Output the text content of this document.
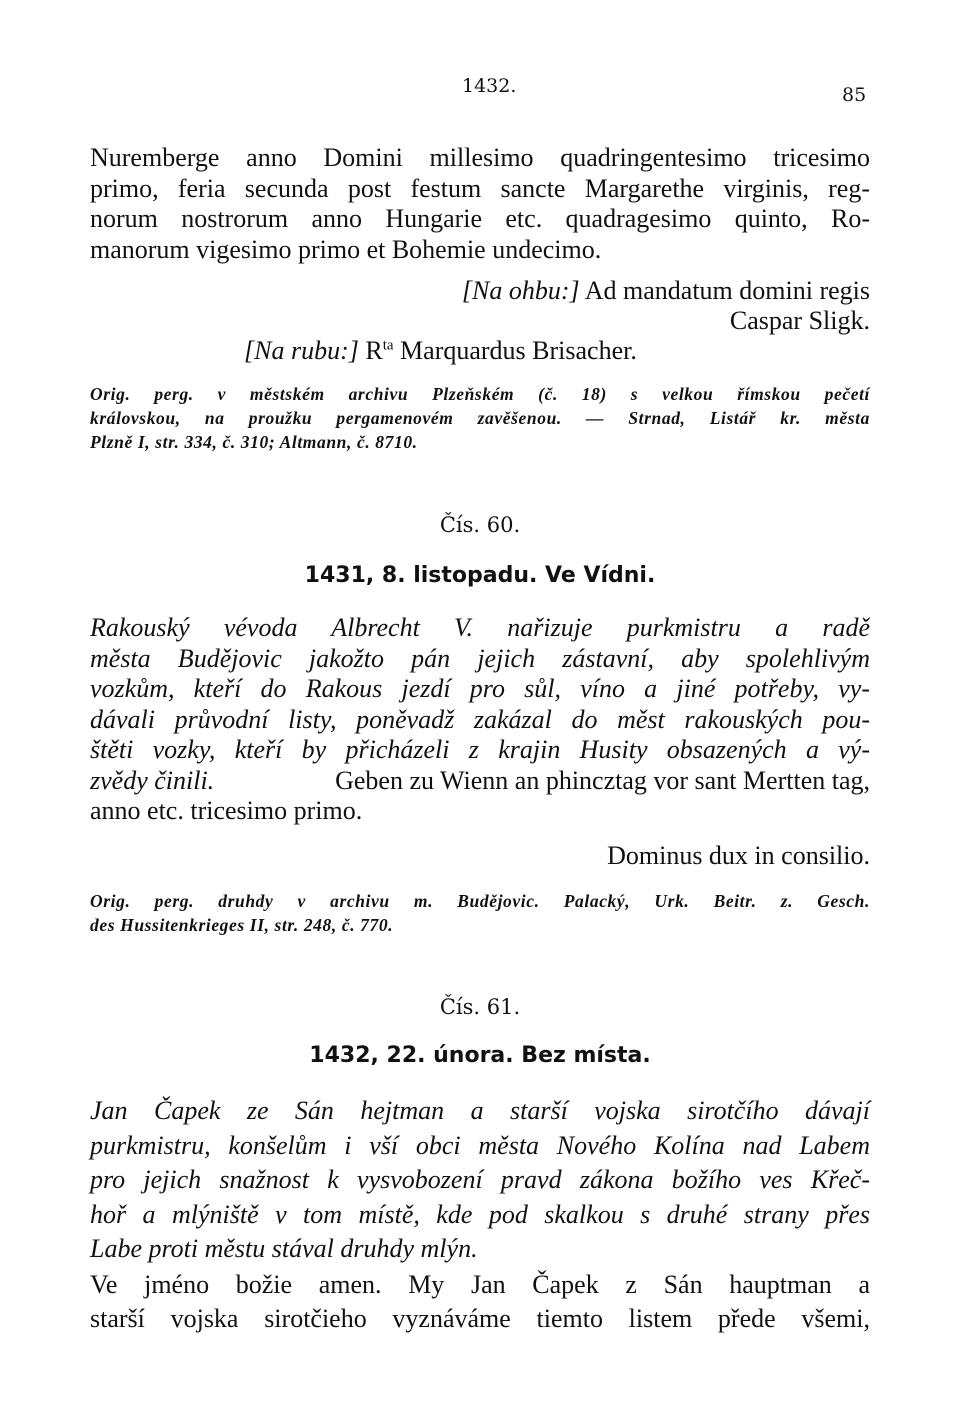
1432.	85
Nuremberge anno Domini millesimo quadringentesimo tricesimo
primo, feria secunda post festum sancte Margarethe virginis, reg-
norum nostrorum anno Hungarie etc. quadragesimo quinto, Ro-
manorum vigesimo primo et Bohemie undecimo.
[Na ohbu:] Ad mandatum domini regis
Caspar Sligk.
[Na rubu:] $R^{ta}$ Marquardus Brisacher.
Orig. perg. v městském archivu Plzeňském (č. 18) s velkou římskou pečetí
královskou, na proužku pergamenovém zavěšenou. — Strnad, Listář kr. města
Plzně I, str. 334, č. 310; Altmann, č. 8710.
Čís. 60.
1431, 8. listopadu. Ve Vídni.
Rakouský vévoda Albrecht V. nařizuje purkmistru a radě
města Budějovic jakožto pán jejich zástavní, aby spolehlivým
vozkům, kteří do Rakous jezdí pro sůl, víno a jiné potřeby, vy-
dávali průvodní listy, poněvadž zakázal do měst rakouských pou-
štěti vozky, kteří by přicházeli z krajin Husity obsazených a vý-
zvědy činili.	Geben zu Wienn an phincztag vor sant Mertten tag,
anno etc. tricesimo primo.
Dominus dux in consilio.
Orig. perg. druhdy v archivu m. Budějovic. Palacký, Urk. Beitr. z. Gesch.
des Hussitenkrieges II, str. 248, č. 770.
Čís. 61.
1432, 22. února. Bez místa.
Jan Čapek ze Sán hejtman a starší vojska sirotčího dávají
purkmistru, konšelům i vší obci města Nového Kolína nad Labem
pro jejich snažnost k vysvobození pravd zákona božího ves Křeč-
hoř a mlýniště v tom místě, kde pod skalkou s druhé strany přes
Labe proti městu stával druhdy mlýn.
Ve jméno božie amen. My Jan Čapek z Sán hauptman a
starší vojska sirotčieho vyznáváme tiemto listem přede všemi,
